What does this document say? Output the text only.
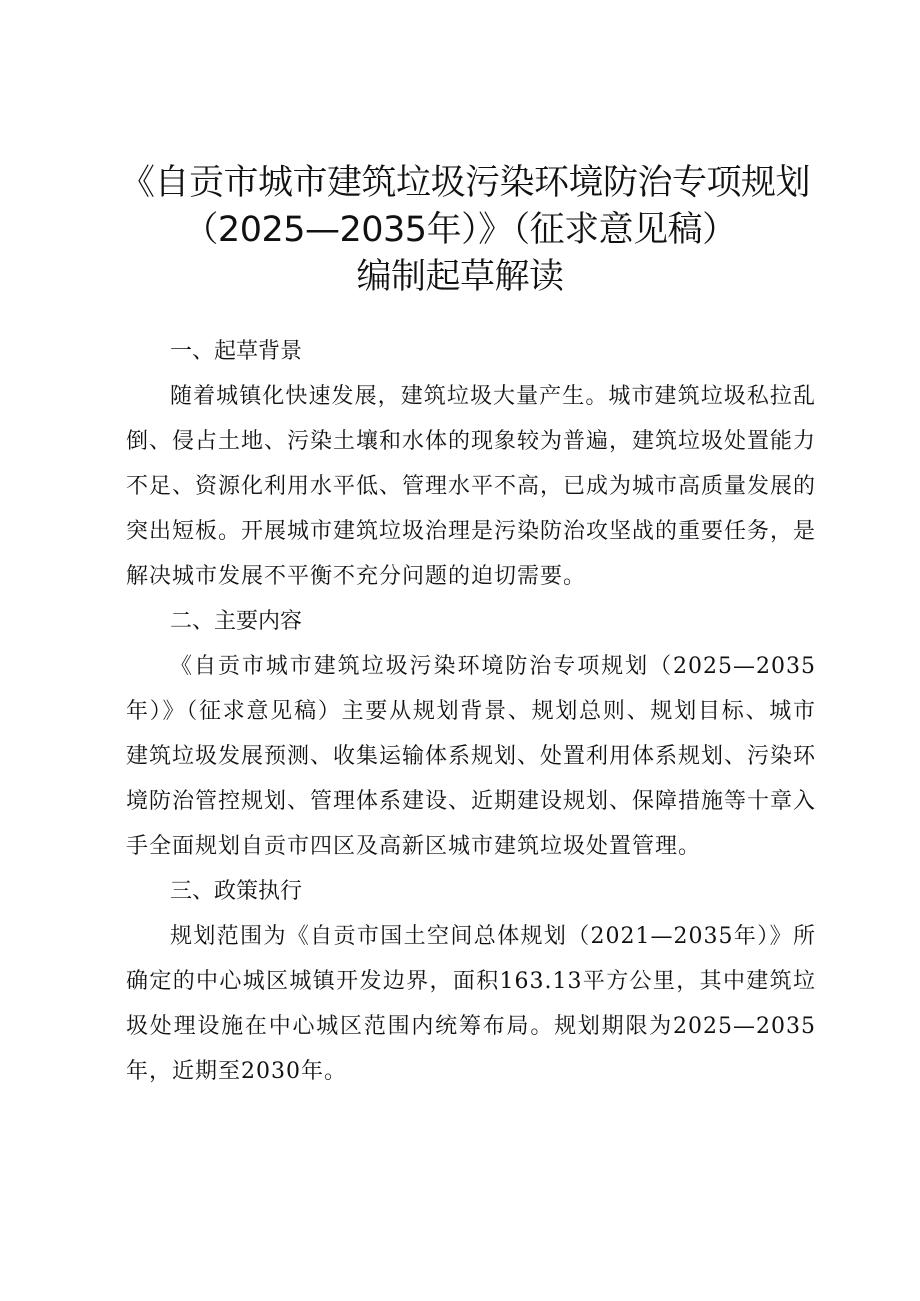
《自贡市城市建筑垃圾污染环境防治专项规划
（2025—2035年）》（征求意见稿）
编制起草解读

一、起草背景

随着城镇化快速发展，建筑垃圾大量产生。城市建筑垃圾私拉乱倒、侵占土地、污染土壤和水体的现象较为普遍，建筑垃圾处置能力不足、资源化利用水平低、管理水平不高，已成为城市高质量发展的突出短板。开展城市建筑垃圾治理是污染防治攻坚战的重要任务，是解决城市发展不平衡不充分问题的迫切需要。

二、主要内容

《自贡市城市建筑垃圾污染环境防治专项规划（2025—2035年）》（征求意见稿）主要从规划背景、规划总则、规划目标、城市建筑垃圾发展预测、收集运输体系规划、处置利用体系规划、污染环境防治管控规划、管理体系建设、近期建设规划、保障措施等十章入手全面规划自贡市四区及高新区城市建筑垃圾处置管理。

三、政策执行

规划范围为《自贡市国土空间总体规划（2021—2035年）》所确定的中心城区城镇开发边界，面积163.13平方公里，其中建筑垃圾处理设施在中心城区范围内统筹布局。规划期限为2025—2035年，近期至2030年。
